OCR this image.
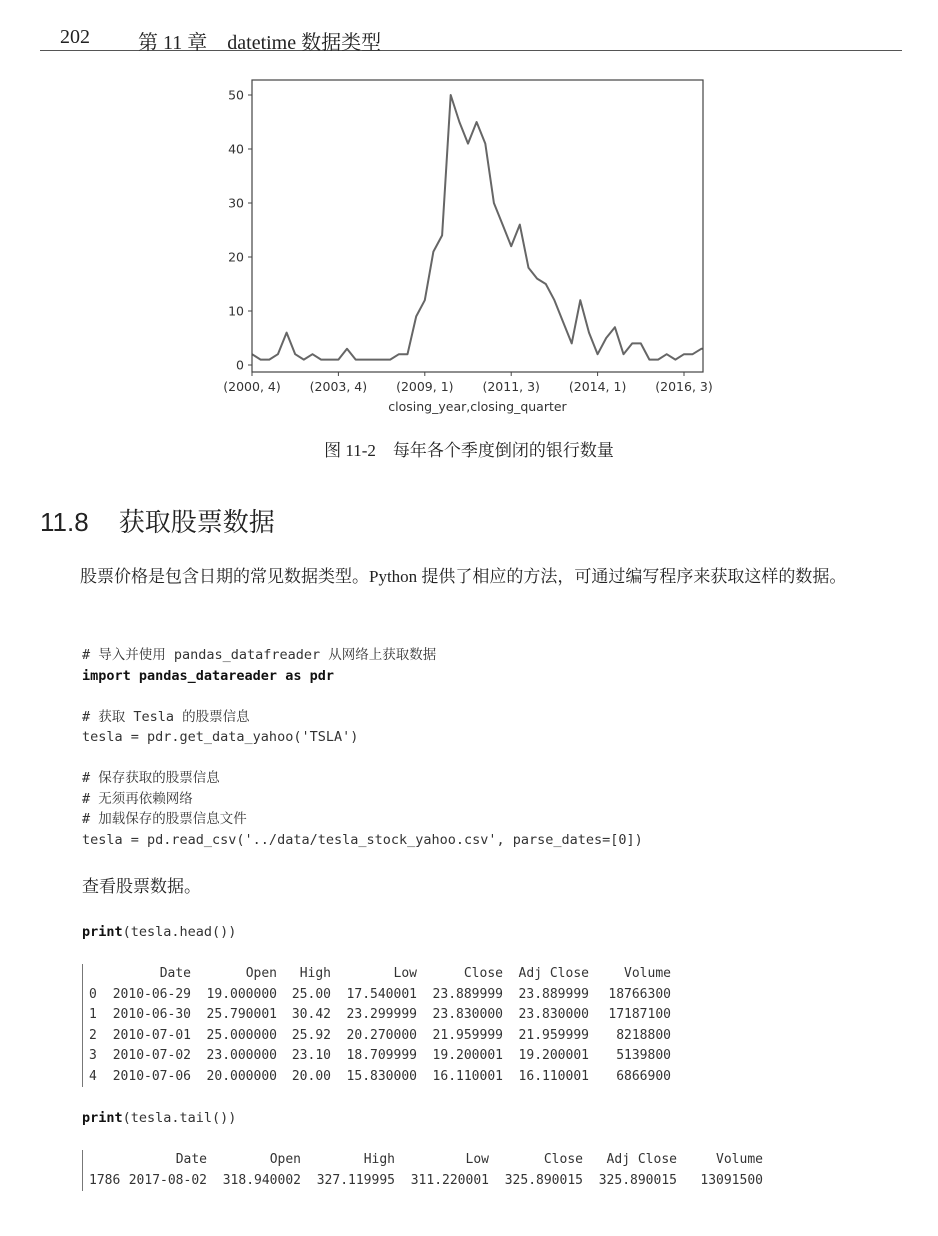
202 第 11 章　datetime 数据类型
0
10
20
30
40
50
(2000, 4) (2003, 4) (2009, 1) (2011, 3) (2014, 1) (2016, 3)
closing_year,closing_quarter
图 11-2　每年各个季度倒闭的银行数量
11.8 获取股票数据
股票价格是包含日期的常见数据类型。Python 提供了相应的方法，可通过编写程序来获取这样的数据。
# 导入并使用 pandas_datafreader 从网络上获取数据
import pandas_datareader as pdr
# 获取 Tesla 的股票信息
tesla = pdr.get_data_yahoo('TSLA')
# 保存获取的股票信息
# 无须再依赖网络
# 加载保存的股票信息文件
tesla = pd.read_csv('../data/tesla_stock_yahoo.csv', parse_dates=[0])
查看股票数据。
print(tesla.head())
	Date	Open	High	Low	Close	Adj Close	Volume
0	2010-06-29	19.000000	25.00	17.540001	23.889999	23.889999	18766300
1	2010-06-30	25.790001	30.42	23.299999	23.830000	23.830000	17187100
2	2010-07-01	25.000000	25.92	20.270000	21.959999	21.959999	8218800
3	2010-07-02	23.000000	23.10	18.709999	19.200001	19.200001	5139800
4	2010-07-06	20.000000	20.00	15.830000	16.110001	16.110001	6866900
print(tesla.tail())
	Date	Open	High	Low	Close	Adj Close	Volume
1786	2017-08-02	318.940002	327.119995	311.220001	325.890015	325.890015	13091500
